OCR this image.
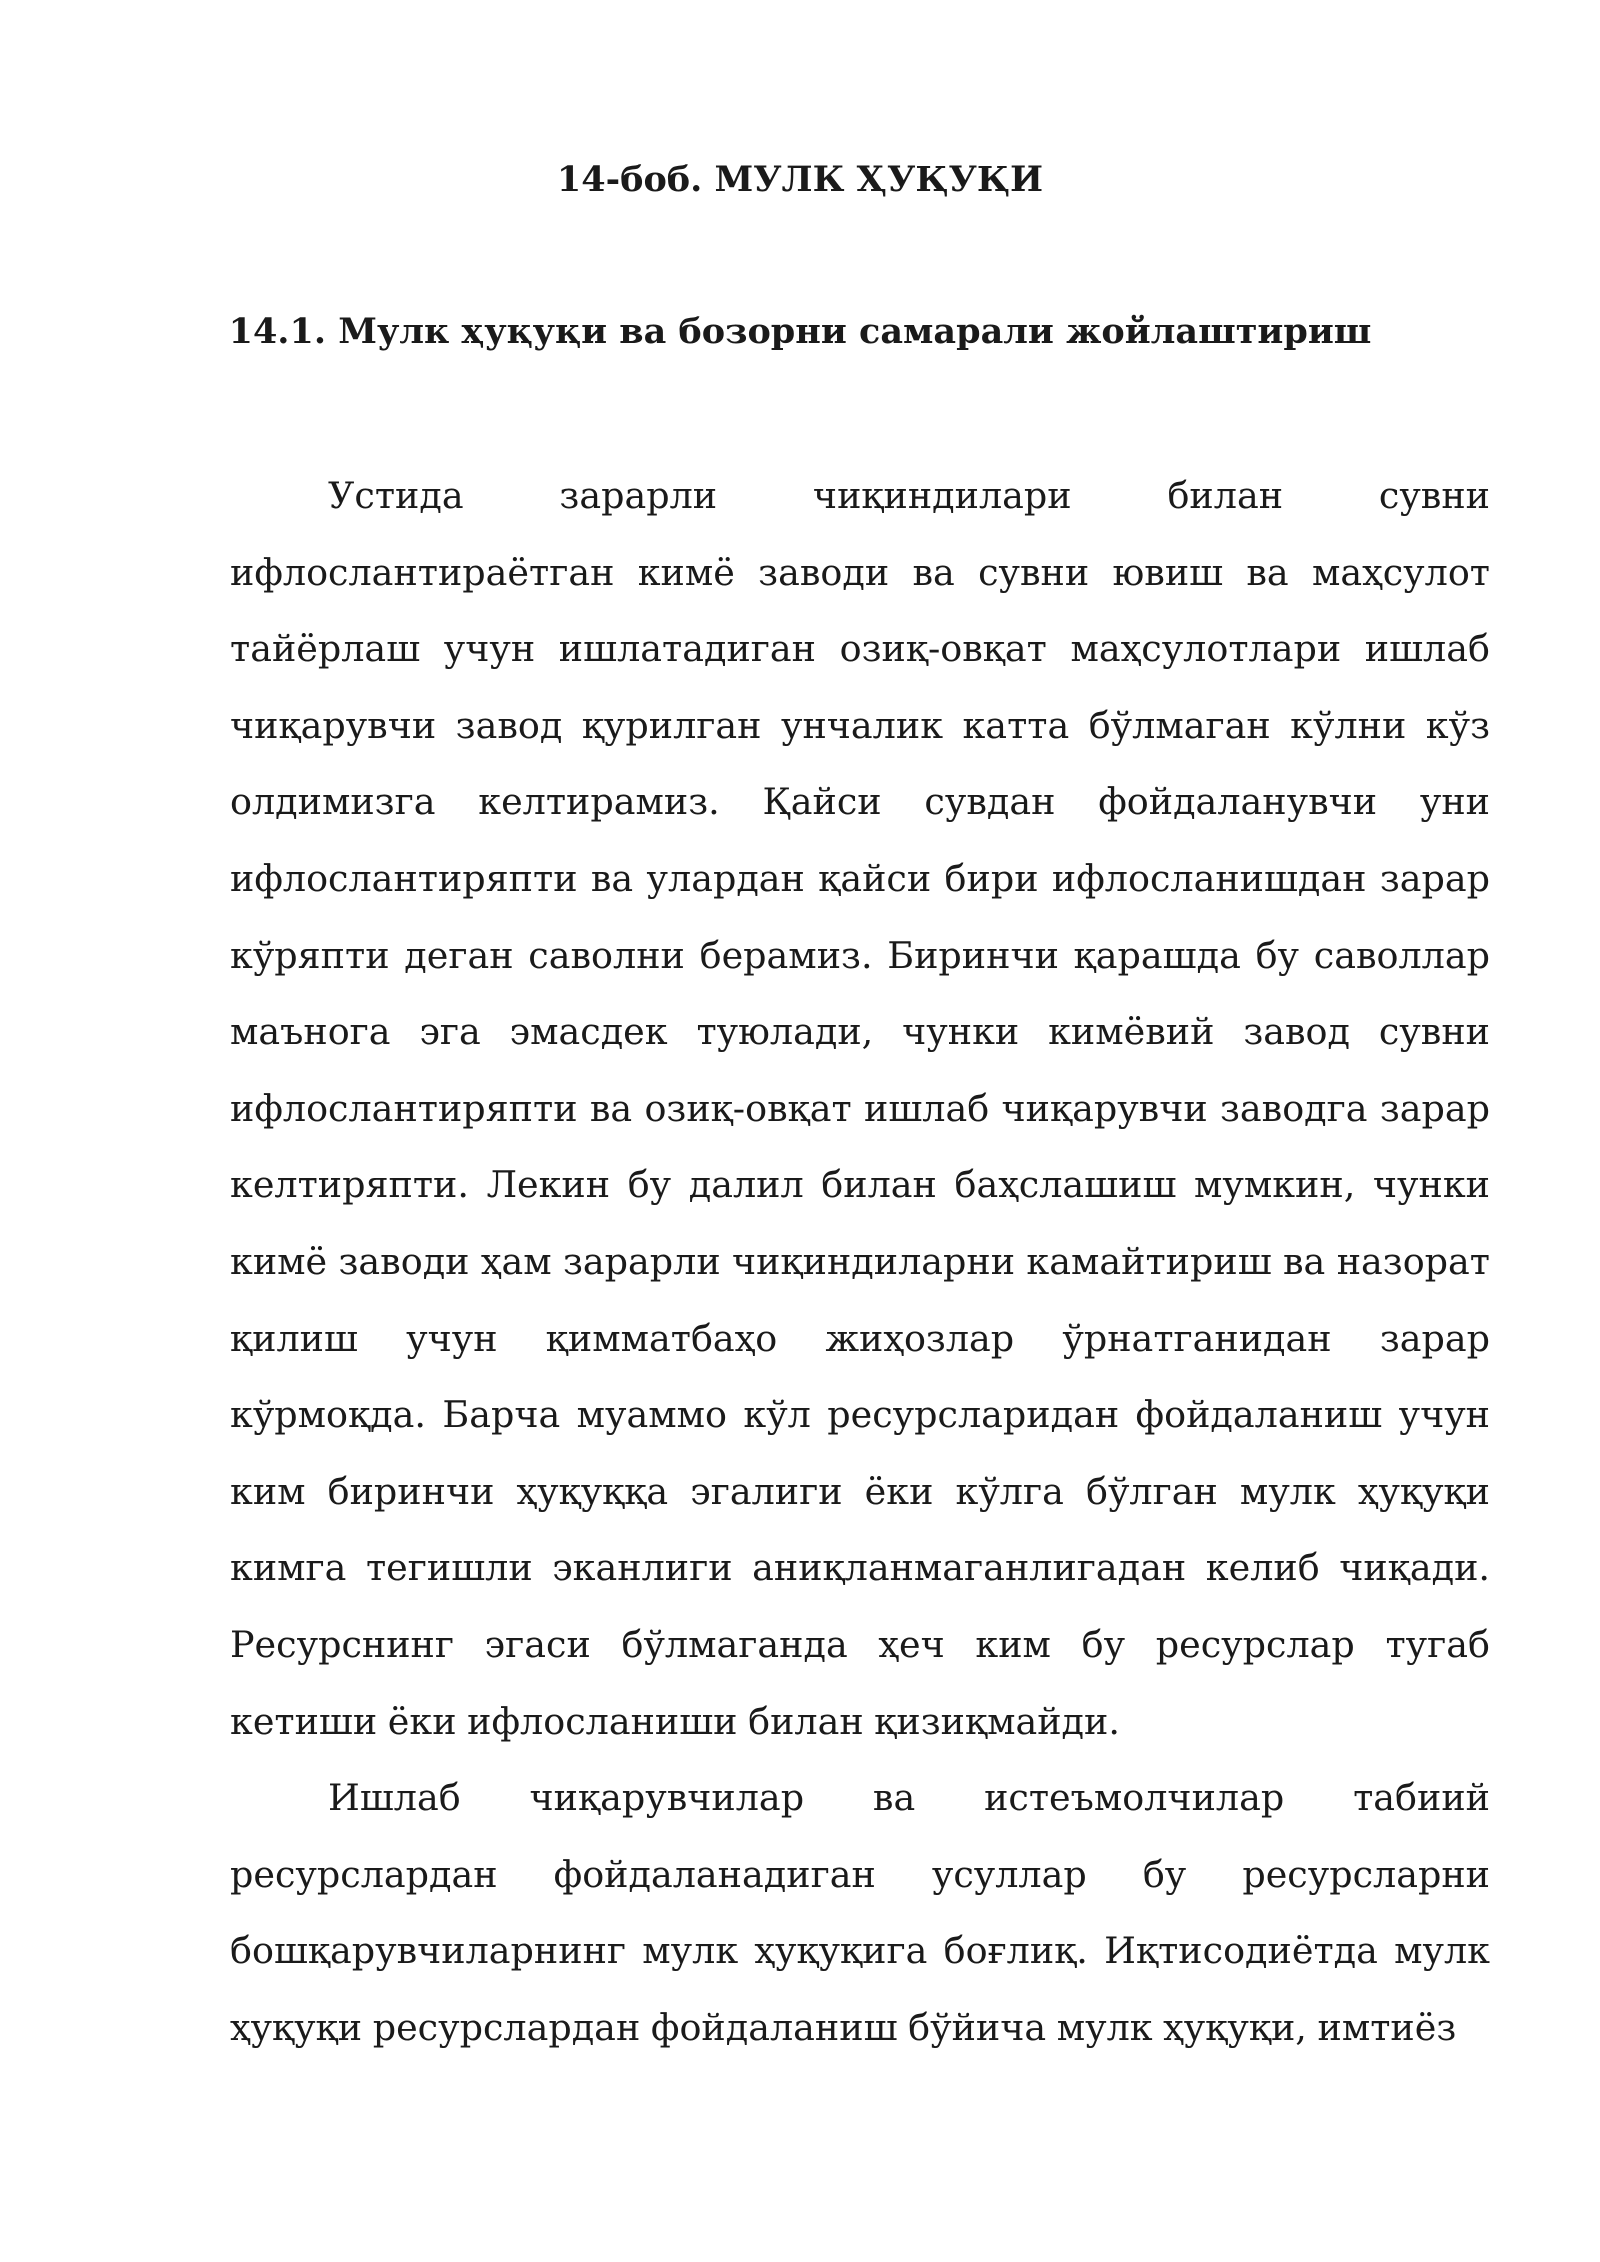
14-боб. МУЛК ҲУҚУҚИ
14.1. Мулк ҳуқуқи ва бозорни самарали жойлаштириш

Устида зарарли чиқиндилари билан сувни ифлослантираётган кимё заводи ва сувни ювиш ва маҳсулот тайёрлаш учун ишлатадиган озиқ-овқат маҳсулотлари ишлаб чиқарувчи завод қурилган унчалик катта бўлмаган кўлни кўз олдимизга келтирамиз. Қайси сувдан фойдаланувчи уни ифлослантиряпти ва улардан қайси бири ифлосланишдан зарар кўряпти деган саволни берамиз. Биринчи қарашда бу саволлар маънога эга эмасдек туюлади, чунки кимёвий завод сувни ифлослантиряпти ва озиқ-овқат ишлаб чиқарувчи заводга зарар келтиряпти. Лекин бу далил билан баҳслашиш мумкин, чунки кимё заводи ҳам зарарли чиқиндиларни камайтириш ва назорат қилиш учун қимматбаҳо жиҳозлар ўрнатганидан зарар кўрмоқда. Барча муаммо кўл ресурсларидан фойдаланиш учун ким биринчи ҳуқуққа эгалиги ёки кўлга бўлган мулк ҳуқуқи кимга тегишли эканлиги аниқланмаганлигадан келиб чиқади. Ресурснинг эгаси бўлмаганда ҳеч ким бу ресурслар тугаб кетиши ёки ифлосланиши билан қизиқмайди.

Ишлаб чиқарувчилар ва истеъмолчилар табиий ресурслардан фойдаланадиган усуллар бу ресурсларни бошқарувчиларнинг мулк ҳуқуқига боғлиқ. Иқтисодиётда мулк ҳуқуқи ресурслардан фойдаланиш бўйича мулк ҳуқуқи, имтиёз
